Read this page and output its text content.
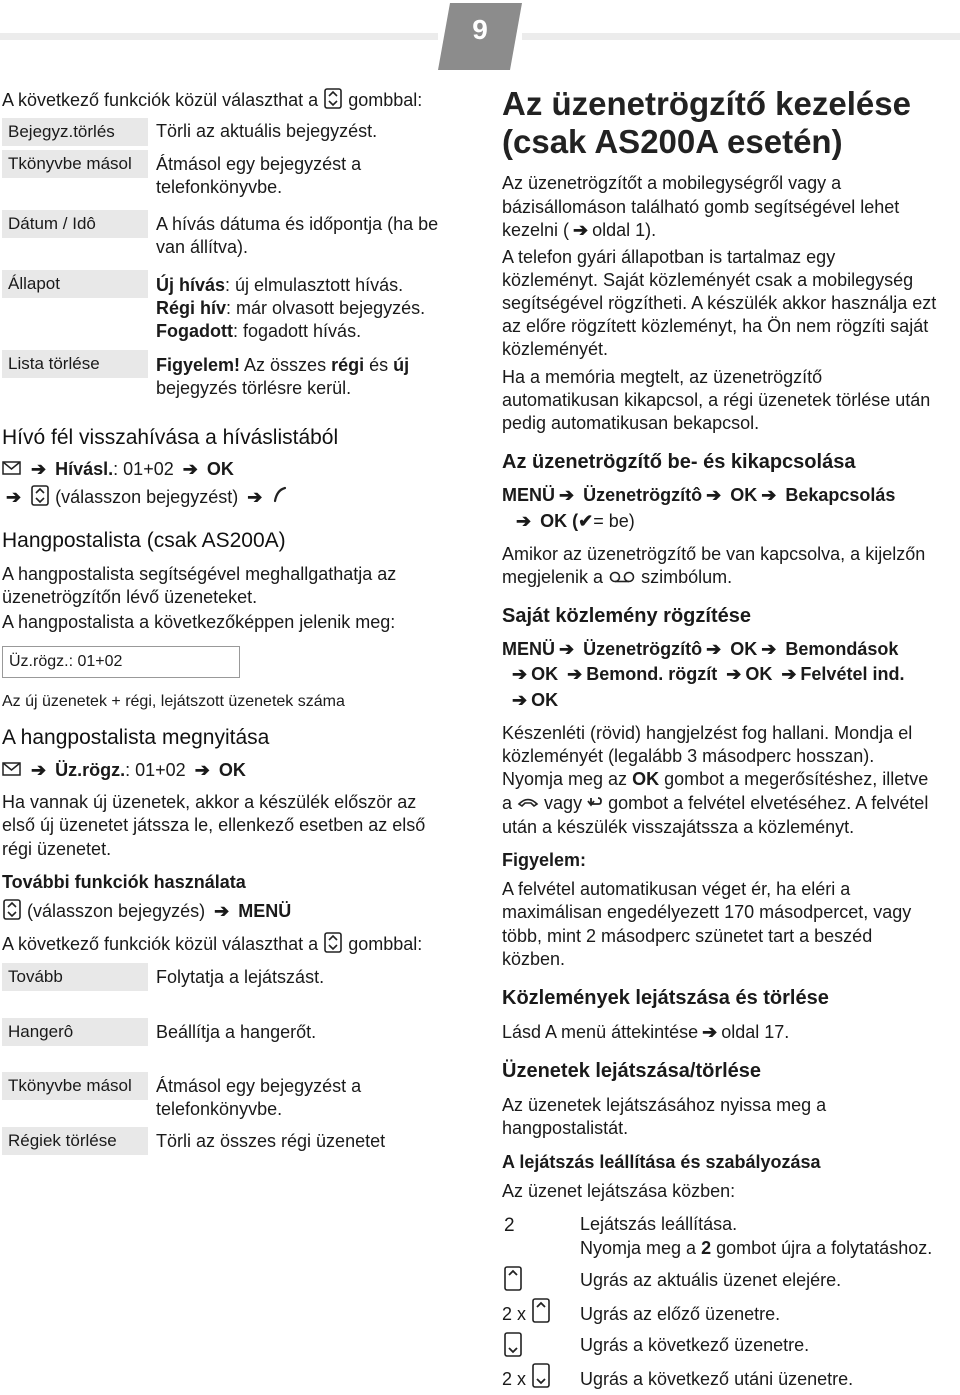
9
A következő funkciók közül választhat a gombbal:
Bejegyz.törlés	Törli az aktuális bejegyzést.
Tkönyvbe másol	Átmásol egy bejegyzést a
telefonkönyvbe.
Dátum / Idô	A hívás dátuma és időpontja (ha be
van állítva).
Állapot	Új hívás: új elmulasztott hívás.
Régi hív: már olvasott bejegyzés.
Fogadott: fogadott hívás.
Lista törlése	Figyelem! Az összes régi és új
bejegyzés törlésre kerül.
Hívó fél visszahívása a híváslistából
➔ Hívásl.: 01+02 ➔ OK
➔ (válasszon bejegyzést) ➔
Hangpostalista (csak AS200A)
A hangpostalista segítségével meghallgathatja az
üzenetrögzítőn lévő üzeneteket.
A hangpostalista a következőképpen jelenik meg:
Üz.rögz.: 01+02
Az új üzenetek + régi, lejátszott üzenetek száma
A hangpostalista megnyitása
➔ Üz.rögz.: 01+02 ➔ OK
Ha vannak új üzenetek, akkor a készülék először az
első új üzenetet játssza le, ellenkező esetben az első
régi üzenetet.
További funkciók használata
(válasszon bejegyzés) ➔ MENÜ
A következő funkciók közül választhat a gombbal:
Tovább	Folytatja a lejátszást.
Hangerô	Beállítja a hangerőt.
Tkönyvbe másol	Átmásol egy bejegyzést a
telefonkönyvbe.
Régiek törlése	Törli az összes régi üzenetet
Az üzenetrögzítő kezelése
(csak AS200A esetén)
Az üzenetrögzítőt a mobilegységről vagy a
bázisállomáson található gomb segítségével lehet
kezelni ( ➔ oldal 1).
A telefon gyári állapotban is tartalmaz egy
közleményt. Saját közleményét csak a mobilegység
segítségével rögzítheti. A készülék akkor használja ezt
az előre rögzített közleményt, ha Ön nem rögzíti saját
közleményét.
Ha a memória megtelt, az üzenetrögzítő
automatikusan kikapcsol, a régi üzenetek törlése után
pedig automatikusan bekapcsol.
Az üzenetrögzítő be- és kikapcsolása
MENÜ ➔ Üzenetrögzítô ➔ OK ➔ Bekapcsolás
➔ OK (✔= be)
Amikor az üzenetrögzítő be van kapcsolva, a kijelzőn
megjelenik a szimbólum.
Saját közlemény rögzítése
MENÜ ➔ Üzenetrögzítô ➔ OK ➔ Bemondások
➔ OK ➔ Bemond. rögzít ➔ OK ➔ Felvétel ind.
➔ OK
Készenléti (rövid) hangjelzést fog hallani. Mondja el
közleményét (legalább 3 másodperc hosszan).
Nyomja meg az OK gombot a megerősítéshez, illetve
a vagy gombot a felvétel elvetéséhez. A felvétel
után a készülék visszajátssza a közleményt.
Figyelem:
A felvétel automatikusan véget ér, ha eléri a
maximálisan engedélyezett 170 másodpercet, vagy
több, mint 2 másodperc szünetet tart a beszéd
közben.
Közlemények lejátszása és törlése
Lásd A menü áttekintése ➔ oldal 17.
Üzenetek lejátszása/törlése
Az üzenetek lejátszásához nyissa meg a
hangpostalistát.
A lejátszás leállítása és szabályozása
Az üzenet lejátszása közben:
2	Lejátszás leállítása.
Nyomja meg a 2 gombot újra a folytatáshoz.
Ugrás az aktuális üzenet elejére.
2 x	Ugrás az előző üzenetre.
Ugrás a következő üzenetre.
2 x	Ugrás a következő utáni üzenetre.
